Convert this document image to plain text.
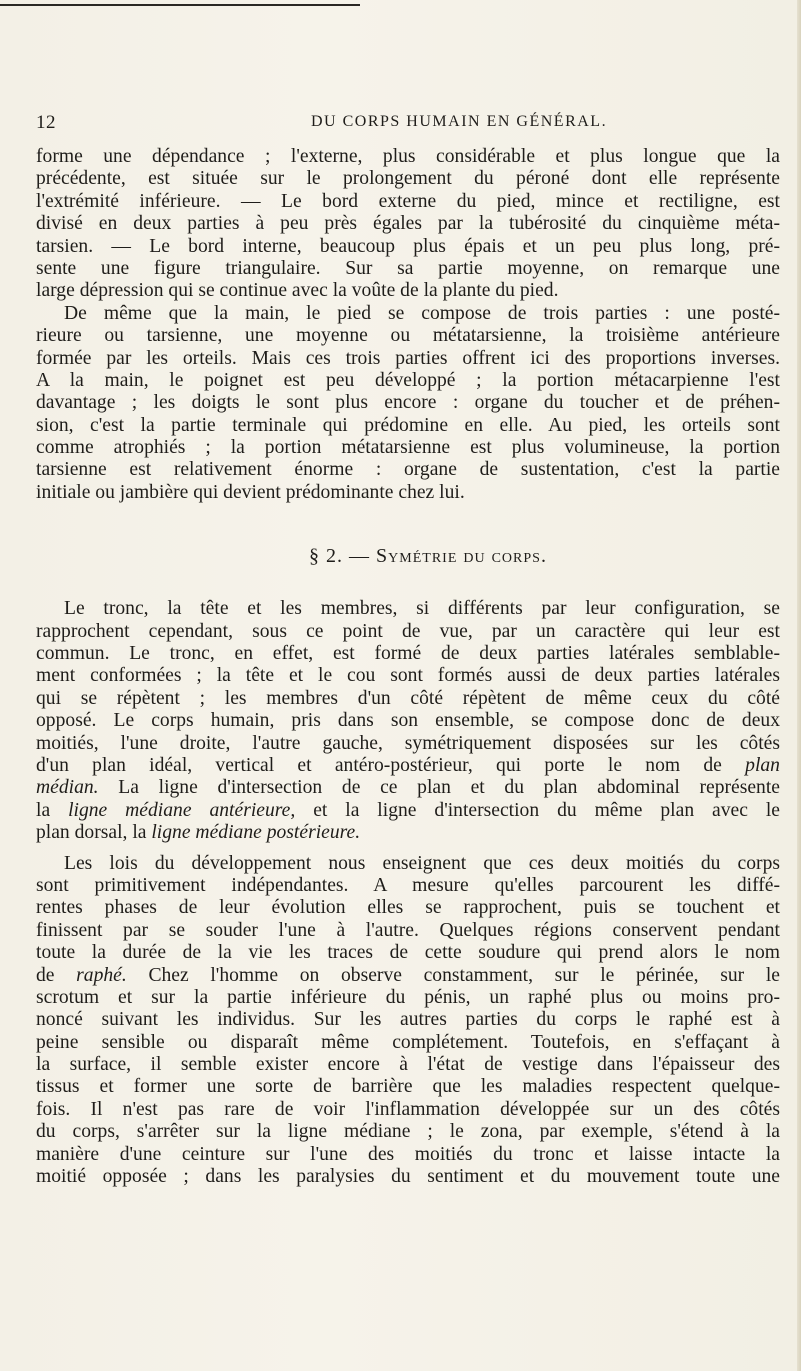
12	DU CORPS HUMAIN EN GÉNÉRAL.
forme une dépendance ; l'externe, plus considérable et plus longue que la
précédente, est située sur le prolongement du péroné dont elle représente
l'extrémité inférieure. — Le bord externe du pied, mince et rectiligne, est
divisé en deux parties à peu près égales par la tubérosité du cinquième méta-
tarsien. — Le bord interne, beaucoup plus épais et un peu plus long, pré-
sente une figure triangulaire. Sur sa partie moyenne, on remarque une
large dépression qui se continue avec la voûte de la plante du pied.
De même que la main, le pied se compose de trois parties : une posté-
rieure ou tarsienne, une moyenne ou métatarsienne, la troisième antérieure
formée par les orteils. Mais ces trois parties offrent ici des proportions inverses.
A la main, le poignet est peu développé ; la portion métacarpienne l'est
davantage ; les doigts le sont plus encore : organe du toucher et de préhen-
sion, c'est la partie terminale qui prédomine en elle. Au pied, les orteils sont
comme atrophiés ; la portion métatarsienne est plus volumineuse, la portion
tarsienne est relativement énorme : organe de sustentation, c'est la partie
initiale ou jambière qui devient prédominante chez lui.
§ 2. — Symétrie du corps.
Le tronc, la tête et les membres, si différents par leur configuration, se
rapprochent cependant, sous ce point de vue, par un caractère qui leur est
commun. Le tronc, en effet, est formé de deux parties latérales semblable-
ment conformées ; la tête et le cou sont formés aussi de deux parties latérales
qui se répètent ; les membres d'un côté répètent de même ceux du côté
opposé. Le corps humain, pris dans son ensemble, se compose donc de deux
moitiés, l'une droite, l'autre gauche, symétriquement disposées sur les côtés
d'un plan idéal, vertical et antéro-postérieur, qui porte le nom de plan
médian. La ligne d'intersection de ce plan et du plan abdominal représente
la ligne médiane antérieure, et la ligne d'intersection du même plan avec le
plan dorsal, la ligne médiane postérieure.
Les lois du développement nous enseignent que ces deux moitiés du corps
sont primitivement indépendantes. A mesure qu'elles parcourent les diffé-
rentes phases de leur évolution elles se rapprochent, puis se touchent et
finissent par se souder l'une à l'autre. Quelques régions conservent pendant
toute la durée de la vie les traces de cette soudure qui prend alors le nom
de raphé. Chez l'homme on observe constamment, sur le périnée, sur le
scrotum et sur la partie inférieure du pénis, un raphé plus ou moins pro-
noncé suivant les individus. Sur les autres parties du corps le raphé est à
peine sensible ou disparaît même complétement. Toutefois, en s'effaçant à
la surface, il semble exister encore à l'état de vestige dans l'épaisseur des
tissus et former une sorte de barrière que les maladies respectent quelque-
fois. Il n'est pas rare de voir l'inflammation développée sur un des côtés
du corps, s'arrêter sur la ligne médiane ; le zona, par exemple, s'étend à la
manière d'une ceinture sur l'une des moitiés du tronc et laisse intacte la
moitié opposée ; dans les paralysies du sentiment et du mouvement toute une
